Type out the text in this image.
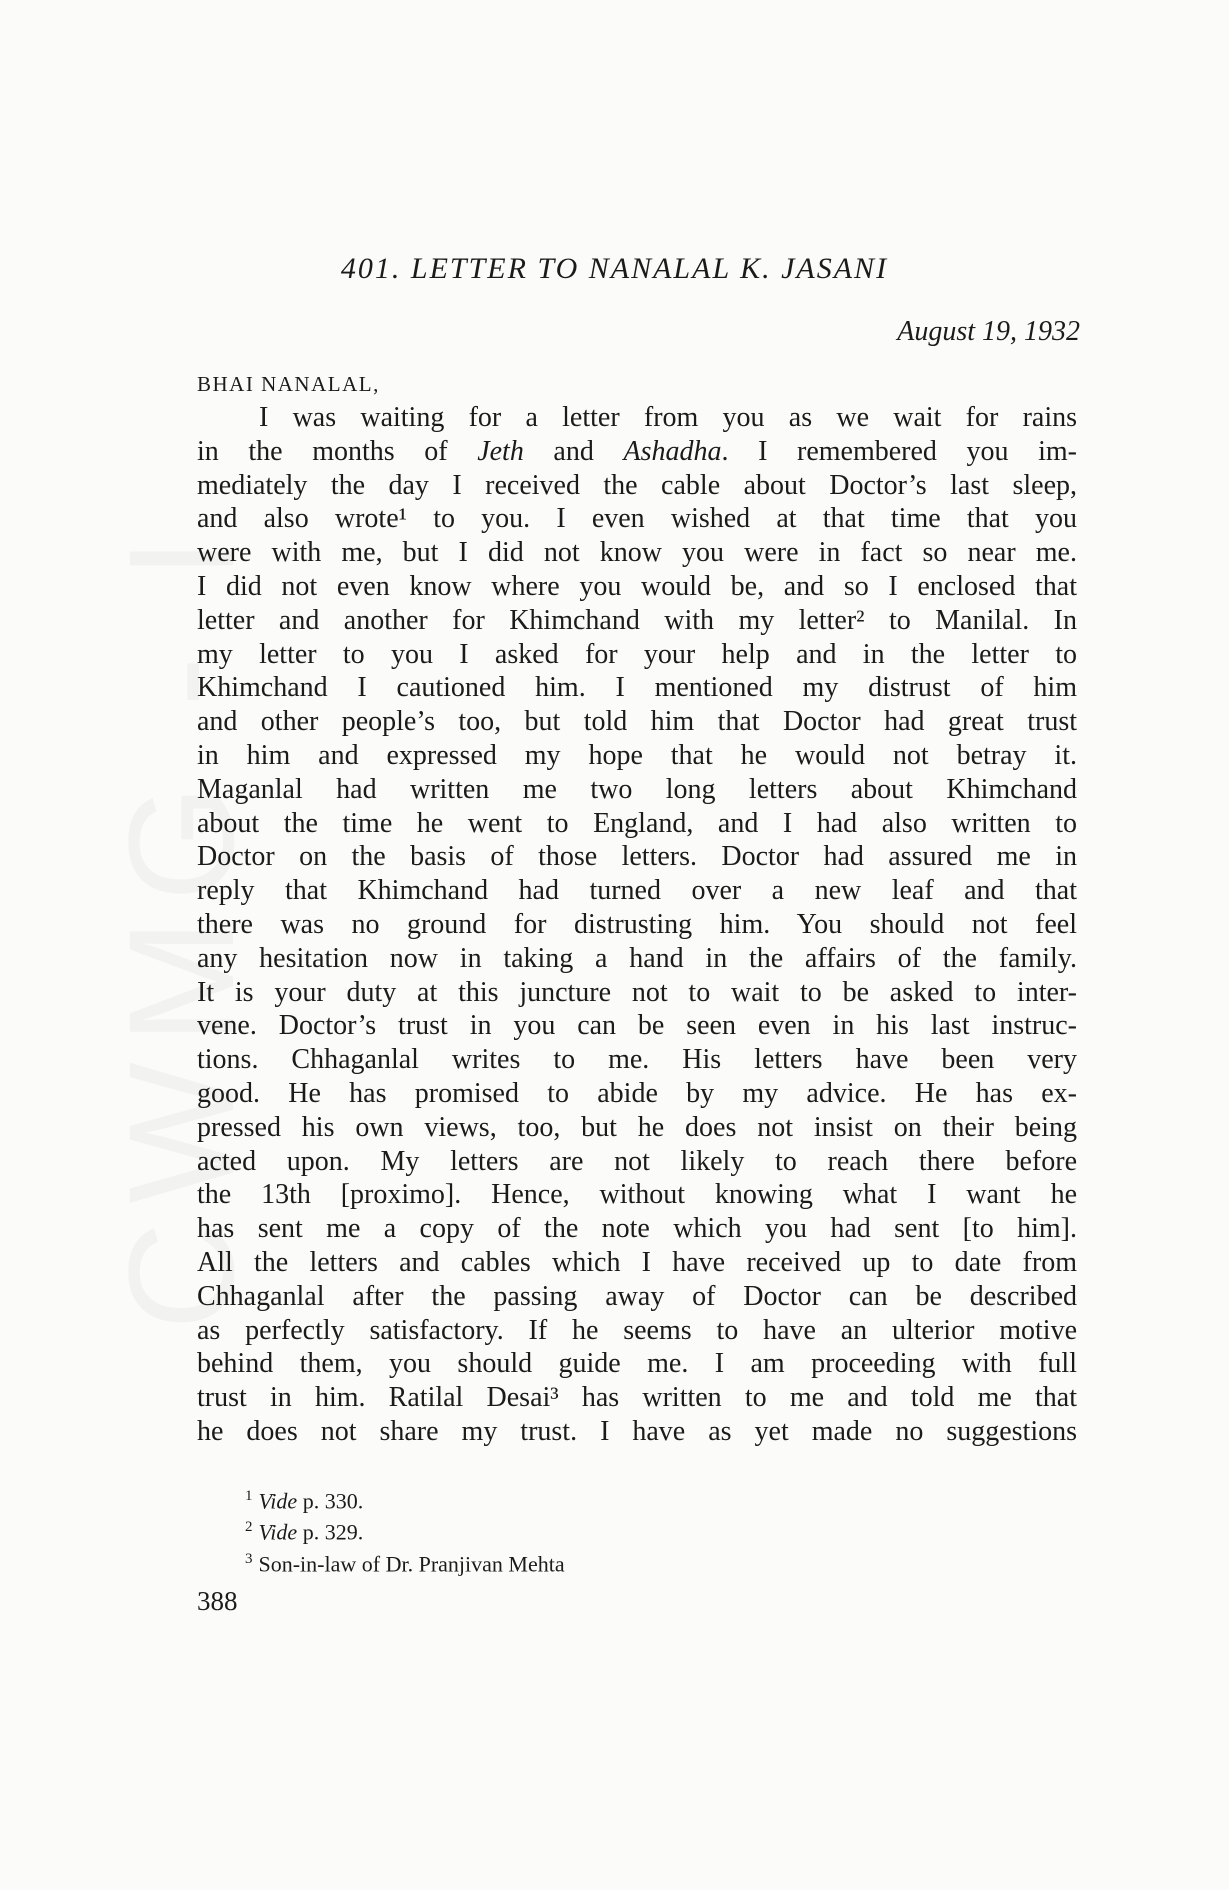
401. LETTER TO NANALAL K. JASANI
August 19, 1932
BHAI NANALAL,
I was waiting for a letter from you as we wait for rains
in the months of Jeth and Ashadha. I remembered you im-
mediately the day I received the cable about Doctor’s last sleep,
and also wrote¹ to you. I even wished at that time that you
were with me, but I did not know you were in fact so near me.
I did not even know where you would be, and so I enclosed that
letter and another for Khimchand with my letter² to Manilal. In
my letter to you I asked for your help and in the letter to
Khimchand I cautioned him. I mentioned my distrust of him
and other people’s too, but told him that Doctor had great trust
in him and expressed my hope that he would not betray it.
Maganlal had written me two long letters about Khimchand
about the time he went to England, and I had also written to
Doctor on the basis of those letters. Doctor had assured me in
reply that Khimchand had turned over a new leaf and that
there was no ground for distrusting him. You should not feel
any hesitation now in taking a hand in the affairs of the family.
It is your duty at this juncture not to wait to be asked to inter-
vene. Doctor’s trust in you can be seen even in his last instruc-
tions. Chhaganlal writes to me. His letters have been very
good. He has promised to abide by my advice. He has ex-
pressed his own views, too, but he does not insist on their being
acted upon. My letters are not likely to reach there before
the 13th [proximo]. Hence, without knowing what I want he
has sent me a copy of the note which you had sent [to him].
All the letters and cables which I have received up to date from
Chhaganlal after the passing away of Doctor can be described
as perfectly satisfactory. If he seems to have an ulterior motive
behind them, you should guide me. I am proceeding with full
trust in him. Ratilal Desai³ has written to me and told me that
he does not share my trust. I have as yet made no suggestions
$^1$ Vide p. 330.
$^2$ Vide p. 329.
$^3$ Son-in-law of Dr. Pranjivan Mehta
388
